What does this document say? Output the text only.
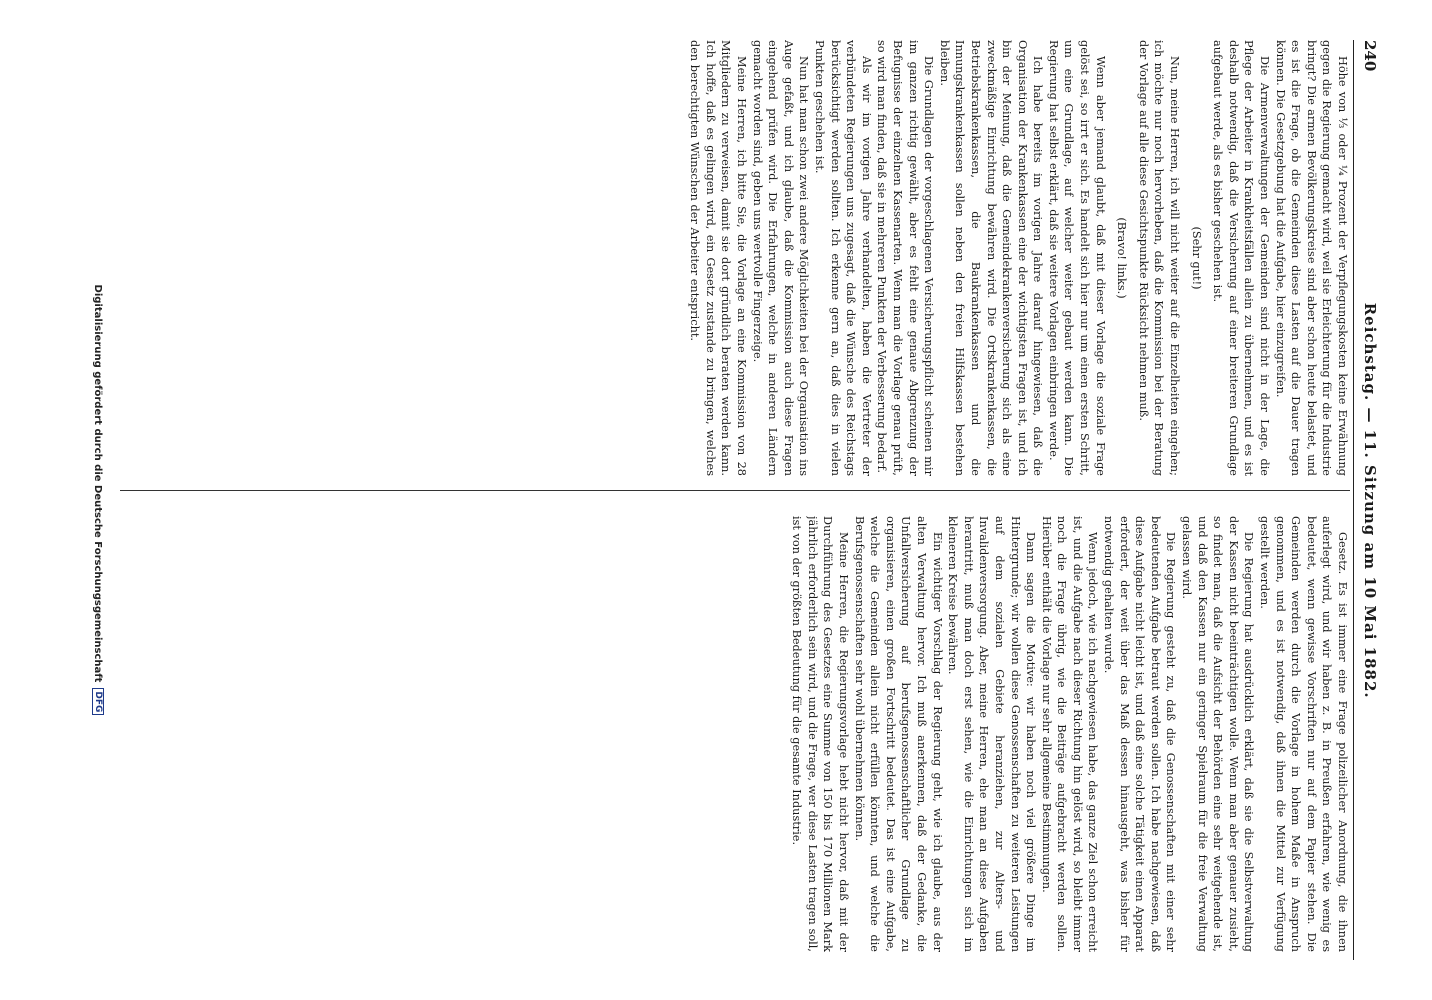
240
Reichstag. — 11. Sitzung am 10 Mai 1882.

Höhe von ⅓ oder ¼ Prozent der Verpflegungskosten keine Erwähnung gegen die Regierung gemacht wird, weil sie Erleichterung für die Industrie bringt? Die armen Bevölkerungskreise sind aber schon heute belastet, und es ist die Frage, ob die Gemeinden diese Lasten auf die Dauer tragen können. Die Gesetzgebung hat die Aufgabe, hier einzugreifen.

Die Armenverwaltungen der Gemeinden sind nicht in der Lage, die Pflege der Arbeiter in Krankheitsfällen allein zu übernehmen, und es ist deshalb notwendig, daß die Versicherung auf einer breiteren Grundlage aufgebaut werde, als es bisher geschehen ist.

(Sehr gut!)

Nun, meine Herren, ich will nicht weiter auf die Einzelheiten eingehen; ich möchte nur noch hervorheben, daß die Kommission bei der Beratung der Vorlage auf alle diese Gesichtspunkte Rücksicht nehmen muß.

(Bravo! links.)

Wenn aber jemand glaubt, daß mit dieser Vorlage die soziale Frage gelöst sei, so irrt er sich. Es handelt sich hier nur um einen ersten Schritt, um eine Grundlage, auf welcher weiter gebaut werden kann. Die Regierung hat selbst erklärt, daß sie weitere Vorlagen einbringen werde.

Ich habe bereits im vorigen Jahre darauf hingewiesen, daß die Organisation der Krankenkassen eine der wichtigsten Fragen ist, und ich bin der Meinung, daß die Gemeindekrankenversicherung sich als eine zweckmäßige Einrichtung bewähren wird. Die Ortskrankenkassen, die Betriebskrankenkassen, die Baukrankenkassen und die Innungskrankenkassen sollen neben den freien Hilfskassen bestehen bleiben.

Die Grundlagen der vorgeschlagenen Versicherungspflicht scheinen mir im ganzen richtig gewählt, aber es fehlt eine genaue Abgrenzung der Befugnisse der einzelnen Kassenarten. Wenn man die Vorlage genau prüft, so wird man finden, daß sie in mehreren Punkten der Verbesserung bedarf.

Als wir im vorigen Jahre verhandelten, haben die Vertreter der verbündeten Regierungen uns zugesagt, daß die Wünsche des Reichstags berücksichtigt werden sollten. Ich erkenne gern an, daß dies in vielen Punkten geschehen ist.

Nun hat man schon zwei andere Möglichkeiten bei der Organisation ins Auge gefaßt, und ich glaube, daß die Kommission auch diese Fragen eingehend prüfen wird. Die Erfahrungen, welche in anderen Ländern gemacht worden sind, geben uns wertvolle Fingerzeige.

Meine Herren, ich bitte Sie, die Vorlage an eine Kommission von 28 Mitgliedern zu verweisen, damit sie dort gründlich beraten werden kann. Ich hoffe, daß es gelingen wird, ein Gesetz zustande zu bringen, welches den berechtigten Wünschen der Arbeiter entspricht.

Gesetz. Es ist immer eine Frage polizeilicher Anordnung, die ihnen auferlegt wird, und wir haben z. B. in Preußen erfahren, wie wenig es bedeutet, wenn gewisse Vorschriften nur auf dem Papier stehen. Die Gemeinden werden durch die Vorlage in hohem Maße in Anspruch genommen, und es ist notwendig, daß ihnen die Mittel zur Verfügung gestellt werden.

Die Regierung hat ausdrücklich erklärt, daß sie die Selbstverwaltung der Kassen nicht beeinträchtigen wolle. Wenn man aber genauer zusieht, so findet man, daß die Aufsicht der Behörden eine sehr weitgehende ist, und daß den Kassen nur ein geringer Spielraum für die freie Verwaltung gelassen wird.

Die Regierung gesteht zu, daß die Genossenschaften mit einer sehr bedeutenden Aufgabe betraut werden sollen. Ich habe nachgewiesen, daß diese Aufgabe nicht leicht ist, und daß eine solche Tätigkeit einen Apparat erfordert, der weit über das Maß dessen hinausgeht, was bisher für notwendig gehalten wurde.

Wenn jedoch, wie ich nachgewiesen habe, das ganze Ziel schon erreicht ist, und die Aufgabe nach dieser Richtung hin gelöst wird, so bleibt immer noch die Frage übrig, wie die Beiträge aufgebracht werden sollen. Hierüber enthält die Vorlage nur sehr allgemeine Bestimmungen.

Dann sagen die Motive: wir haben noch viel größere Dinge im Hintergrunde; wir wollen diese Genossenschaften zu weiteren Leistungen auf dem sozialen Gebiete heranziehen, zur Alters- und Invalidenversorgung. Aber, meine Herren, ehe man an diese Aufgaben herantritt, muß man doch erst sehen, wie die Einrichtungen sich im kleineren Kreise bewähren.

Ein wichtiger Vorschlag der Regierung geht, wie ich glaube, aus der alten Verwaltung hervor. Ich muß anerkennen, daß der Gedanke, die Unfallversicherung auf berufsgenossenschaftlicher Grundlage zu organisieren, einen großen Fortschritt bedeutet. Das ist eine Aufgabe, welche die Gemeinden allein nicht erfüllen könnten, und welche die Berufsgenossenschaften sehr wohl übernehmen können.

Meine Herren, die Regierungsvorlage hebt nicht hervor, daß mit der Durchführung des Gesetzes eine Summe von 150 bis 170 Millionen Mark jährlich erforderlich sein wird, und die Frage, wer diese Lasten tragen soll, ist von der größten Bedeutung für die gesamte Industrie.

Digitalisierung gefördert durch die Deutsche Forschungsgemeinschaft
DFG
